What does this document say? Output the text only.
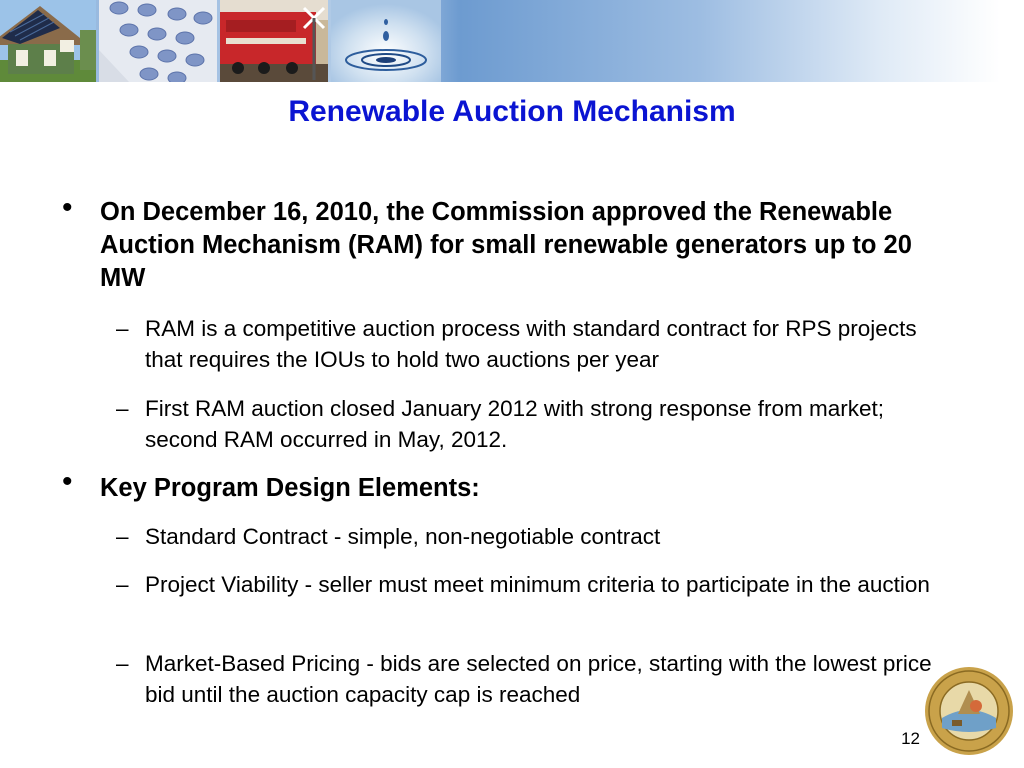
Renewable Auction Mechanism
• On December 16, 2010, the Commission approved the Renewable Auction Mechanism (RAM) for small renewable generators up to 20 MW
– RAM is a competitive auction process with standard contract for RPS projects that requires the IOUs to hold two auctions per year
– First RAM auction closed January 2012 with strong response from market; second RAM occurred in May, 2012.
• Key Program Design Elements:
– Standard Contract - simple, non-negotiable contract
– Project Viability - seller must meet minimum criteria to participate in the auction
– Market-Based Pricing - bids are selected on price, starting with the lowest price bid until the auction capacity cap is reached
12
